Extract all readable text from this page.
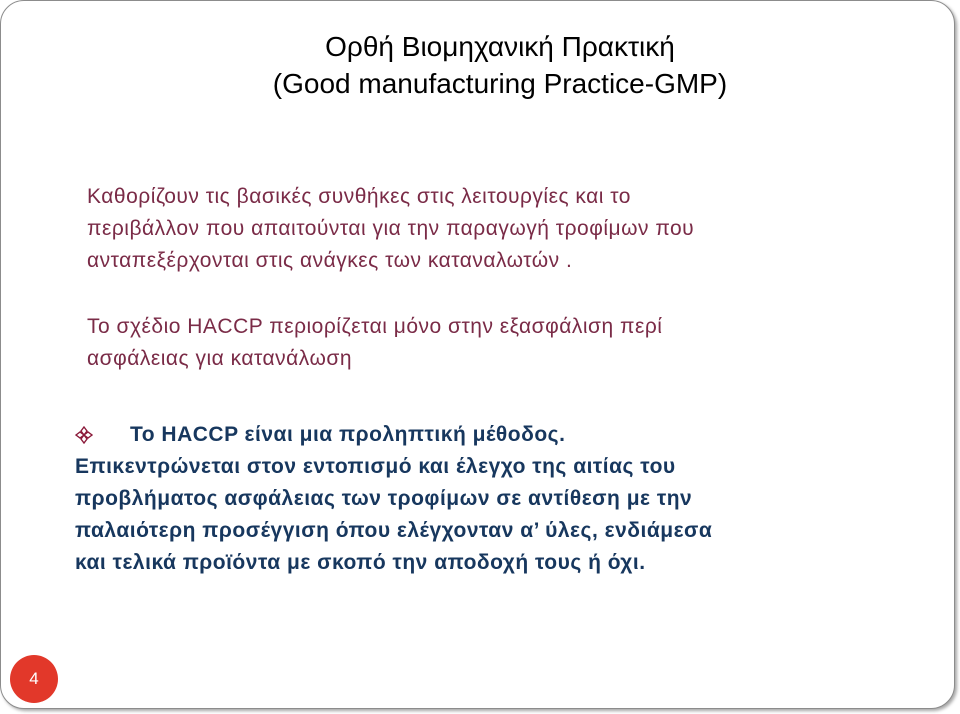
Ορθή Βιομηχανική Πρακτική
(Good manufacturing Practice-GMP)
Καθορίζουν τις βασικές συνθήκες στις λειτουργίες και το
περιβάλλον που απαιτούνται για την παραγωγή τροφίμων που
ανταπεξέρχονται στις ανάγκες των καταναλωτών .
Το σχέδιο HACCP περιορίζεται μόνο στην εξασφάλιση περί
ασφάλειας για κατανάλωση
Το HACCP είναι μια προληπτική μέθοδος.
Επικεντρώνεται στον εντοπισμό και έλεγχο της αιτίας του
προβλήματος ασφάλειας των τροφίμων σε αντίθεση με την
παλαιότερη προσέγγιση όπου ελέγχονταν α’ ύλες, ενδιάμεσα
και τελικά προϊόντα με σκοπό την αποδοχή τους ή όχι.
4
